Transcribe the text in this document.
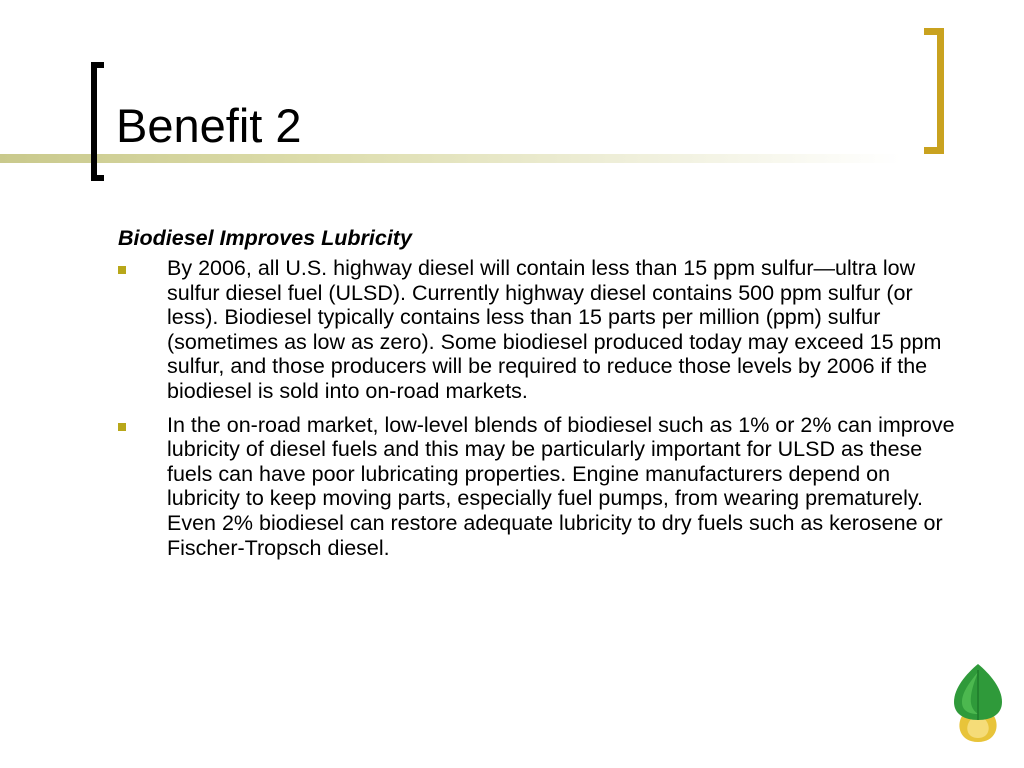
Benefit 2

Biodiesel Improves Lubricity

By 2006, all U.S. highway diesel will contain less than 15 ppm sulfur—ultra low sulfur diesel fuel (ULSD). Currently highway diesel contains 500 ppm sulfur (or less). Biodiesel typically contains less than 15 parts per million (ppm) sulfur (sometimes as low as zero). Some biodiesel produced today may exceed 15 ppm sulfur, and those producers will be required to reduce those levels by 2006 if the biodiesel is sold into on-road markets.
In the on-road market, low-level blends of biodiesel such as 1% or 2% can improve lubricity of diesel fuels and this may be particularly important for ULSD as these fuels can have poor lubricating properties. Engine manufacturers depend on lubricity to keep moving parts, especially fuel pumps, from wearing prematurely. Even 2% biodiesel can restore adequate lubricity to dry fuels such as kerosene or Fischer-Tropsch diesel.
